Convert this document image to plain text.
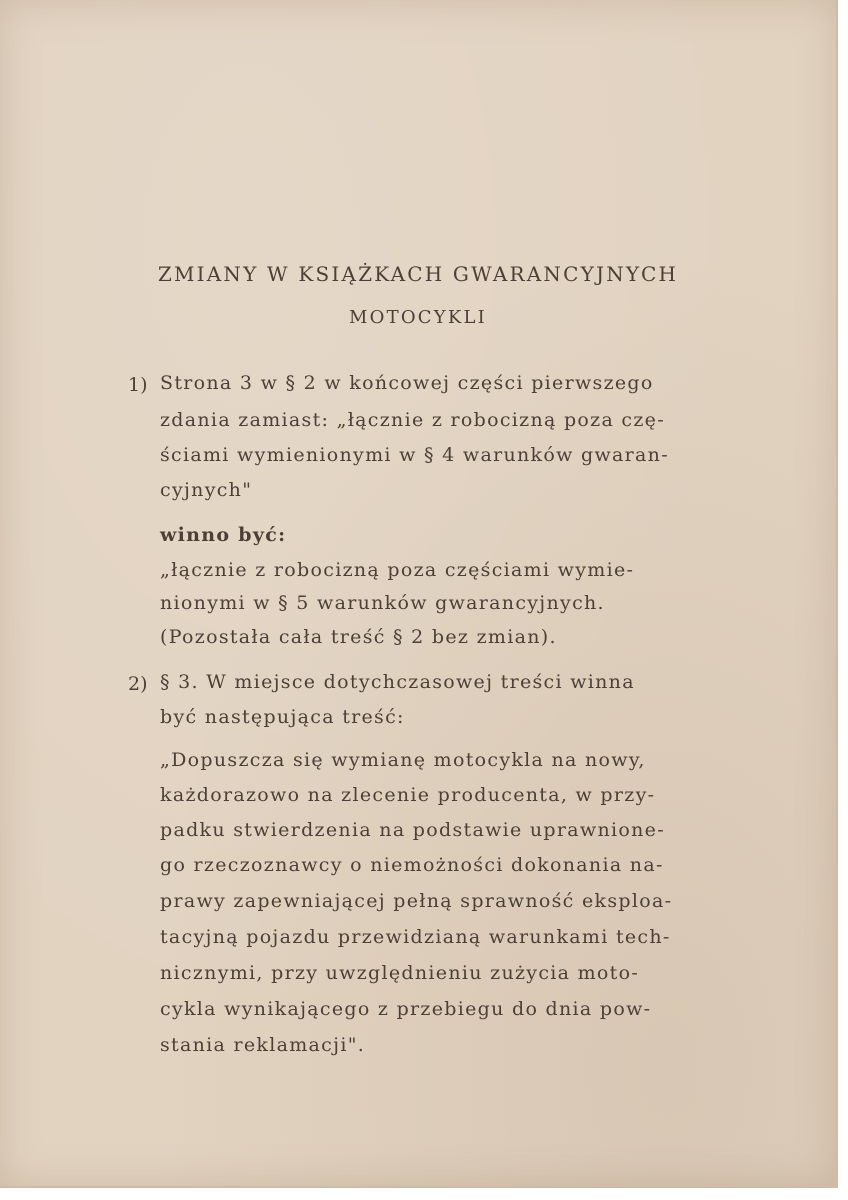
ZMIANY W KSIĄŻKACH GWARANCYJNYCH
MOTOCYKLI
1) Strona 3 w § 2 w końcowej części pierwszego
zdania zamiast: „łącznie z robocizną poza czę-
ściami wymienionymi w § 4 warunków gwaran-
cyjnych"
winno być:
„łącznie z robocizną poza częściami wymie-
nionymi w § 5 warunków gwarancyjnych.
(Pozostała cała treść § 2 bez zmian).
2) § 3. W miejsce dotychczasowej treści winna
być następująca treść:
„Dopuszcza się wymianę motocykla na nowy,
każdorazowo na zlecenie producenta, w przy-
padku stwierdzenia na podstawie uprawnione-
go rzeczoznawcy o niemożności dokonania na-
prawy zapewniającej pełną sprawność eksploa-
tacyjną pojazdu przewidzianą warunkami tech-
nicznymi, przy uwzględnieniu zużycia moto-
cykla wynikającego z przebiegu do dnia pow-
stania reklamacji".
